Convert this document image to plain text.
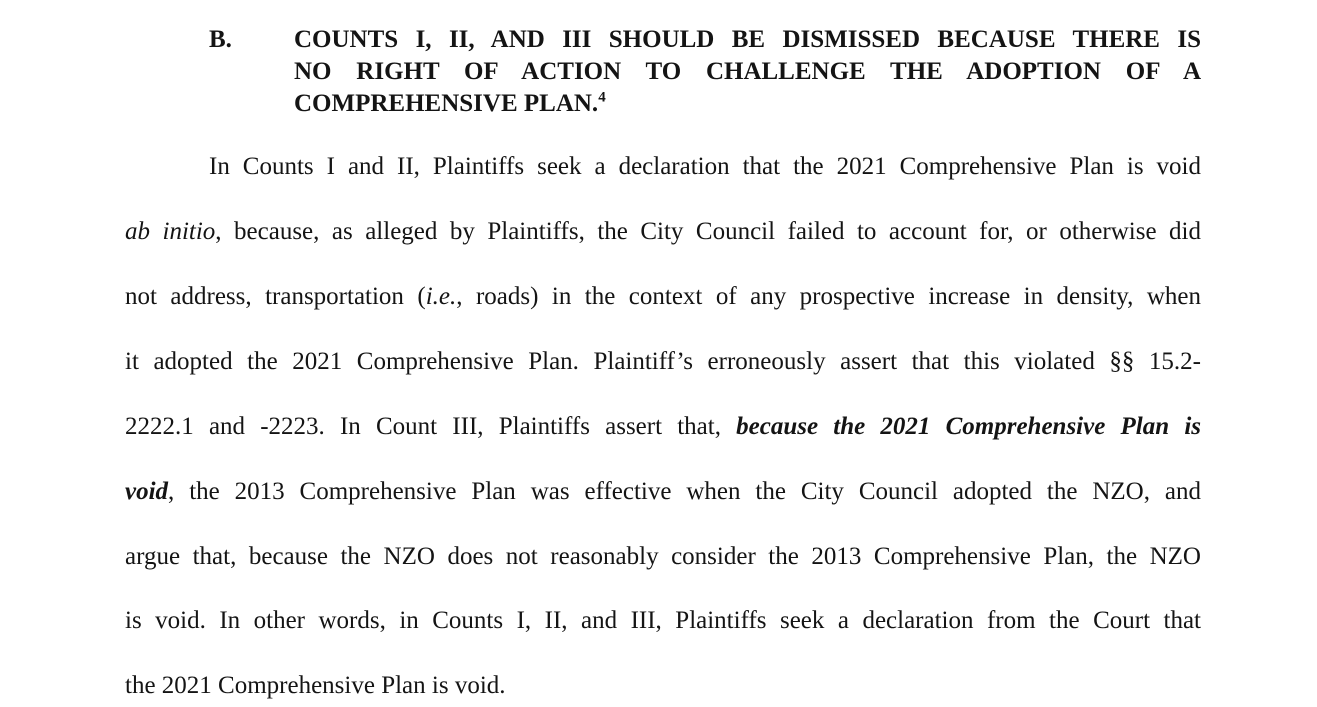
B. COUNTS I, II, AND III SHOULD BE DISMISSED BECAUSE THERE IS
NO RIGHT OF ACTION TO CHALLENGE THE ADOPTION OF A
COMPREHENSIVE PLAN.$^4$
In Counts I and II, Plaintiffs seek a declaration that the 2021 Comprehensive Plan is void
ab initio, because, as alleged by Plaintiffs, the City Council failed to account for, or otherwise did
not address, transportation (i.e., roads) in the context of any prospective increase in density, when
it adopted the 2021 Comprehensive Plan. Plaintiff’s erroneously assert that this violated §§ 15.2-
2222.1 and -2223. In Count III, Plaintiffs assert that, because the 2021 Comprehensive Plan is
void, the 2013 Comprehensive Plan was effective when the City Council adopted the NZO, and
argue that, because the NZO does not reasonably consider the 2013 Comprehensive Plan, the NZO
is void. In other words, in Counts I, II, and III, Plaintiffs seek a declaration from the Court that
the 2021 Comprehensive Plan is void.
